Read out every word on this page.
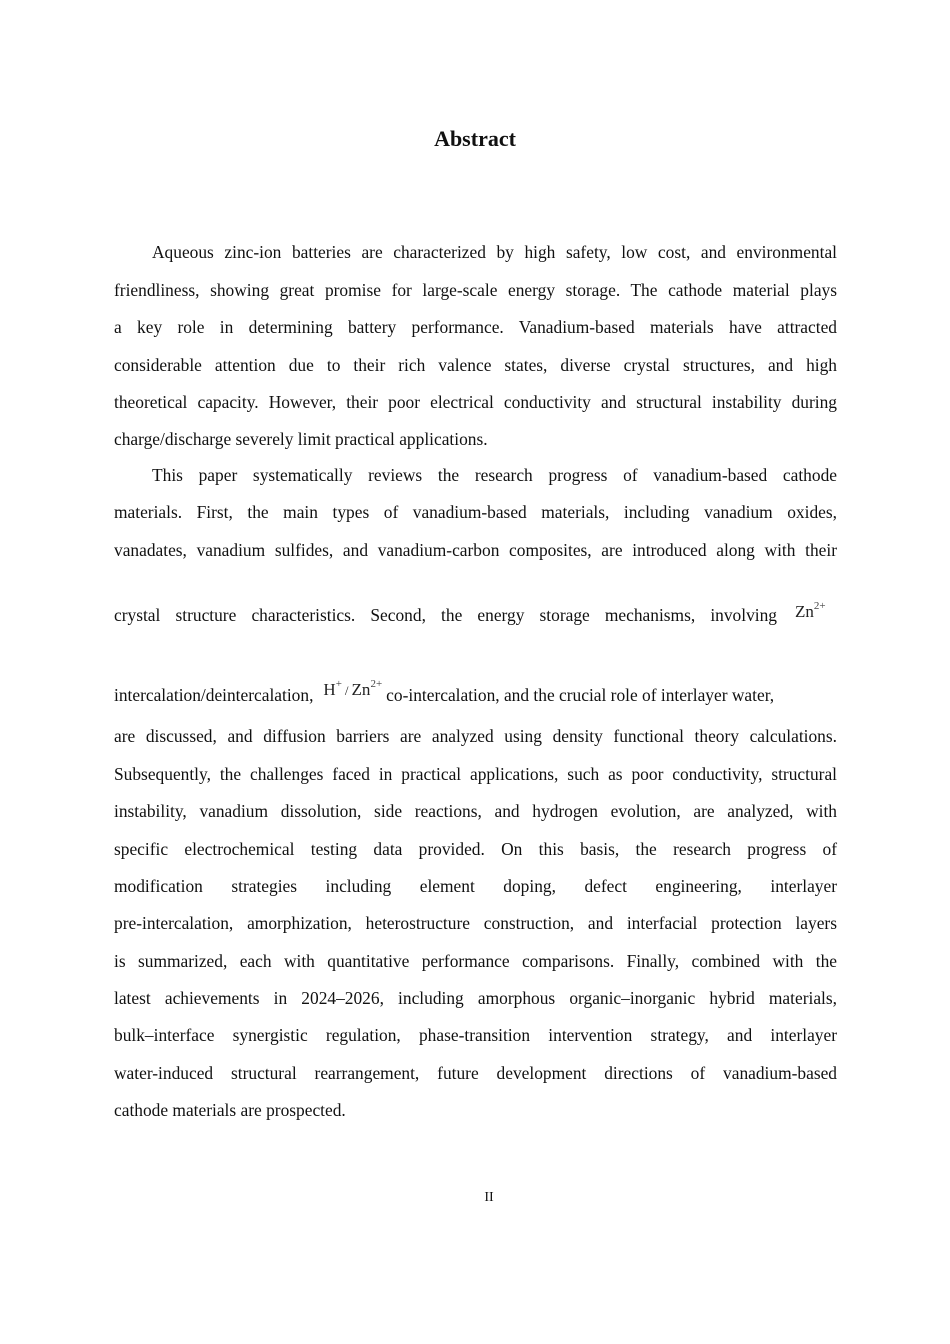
Abstract
Aqueous zinc-ion batteries are characterized by high safety, low cost, and environmental
friendliness, showing great promise for large-scale energy storage. The cathode material plays
a key role in determining battery performance. Vanadium-based materials have attracted
considerable attention due to their rich valence states, diverse crystal structures, and high
theoretical capacity. However, their poor electrical conductivity and structural instability during
charge/discharge severely limit practical applications.
This paper systematically reviews the research progress of vanadium-based cathode
materials. First, the main types of vanadium-based materials, including vanadium oxides,
vanadates, vanadium sulfides, and vanadium-carbon composites, are introduced along with their
crystal structure characteristics. Second, the energy storage mechanisms, involving $Zn^{2+}$
intercalation/deintercalation, $H^+ / Zn^{2+}co$-intercalation, and the crucial role of interlayer water,
are discussed, and diffusion barriers are analyzed using density functional theory calculations.
Subsequently, the challenges faced in practical applications, such as poor conductivity, structural
instability, vanadium dissolution, side reactions, and hydrogen evolution, are analyzed, with
specific electrochemical testing data provided. On this basis, the research progress of
modification strategies including element doping, defect engineering, interlayer
pre-intercalation, amorphization, heterostructure construction, and interfacial protection layers
is summarized, each with quantitative performance comparisons. Finally, combined with the
latest achievements in 2024–2026, including amorphous organic–inorganic hybrid materials,
bulk–interface synergistic regulation, phase-transition intervention strategy, and interlayer
water-induced structural rearrangement, future development directions of vanadium-based
cathode materials are prospected.
II
